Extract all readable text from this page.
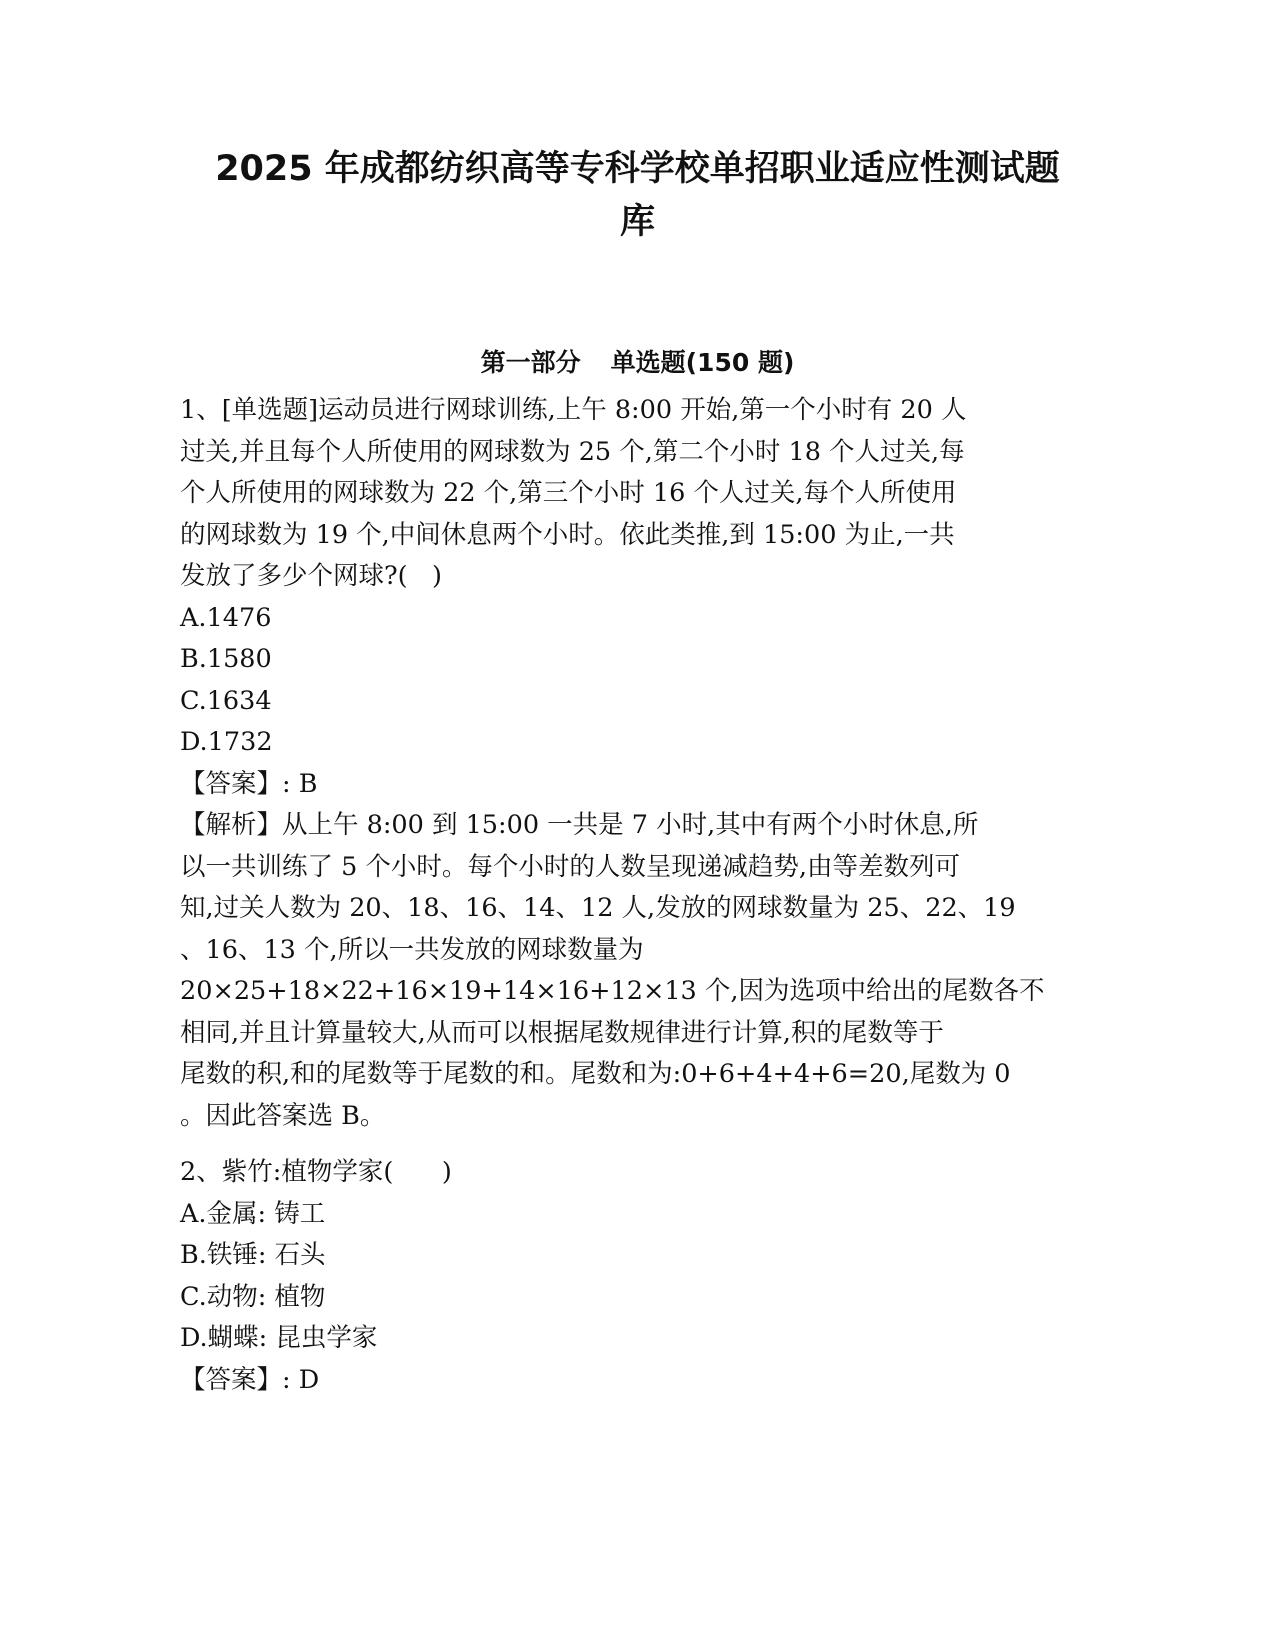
2025 年成都纺织高等专科学校单招职业适应性测试题
库
第一部分 单选题(150 题)

1、[单选题]运动员进行网球训练,上午 8:00 开始,第一个小时有 20 人

过关,并且每个人所使用的网球数为 25 个,第二个小时 18 个人过关,每

个人所使用的网球数为 22 个,第三个小时 16 个人过关,每个人所使用

的网球数为 19 个,中间休息两个小时。依此类推,到 15:00 为止,一共

发放了多少个网球?(   )

A.1476

B.1580

C.1634

D.1732

【答案】: B

【解析】从上午 8:00 到 15:00 一共是 7 小时,其中有两个小时休息,所

以一共训练了 5 个小时。每个小时的人数呈现递减趋势,由等差数列可

知,过关人数为 20、18、16、14、12 人,发放的网球数量为 25、22、19

、16、13 个,所以一共发放的网球数量为

20×25+18×22+16×19+14×16+12×13 个,因为选项中给出的尾数各不

相同,并且计算量较大,从而可以根据尾数规律进行计算,积的尾数等于

尾数的积,和的尾数等于尾数的和。尾数和为:0+6+4+4+6=20,尾数为 0

。因此答案选 B。

2、紫竹:植物学家(      )

A.金属: 铸工

B.铁锤: 石头

C.动物: 植物

D.蝴蝶: 昆虫学家

【答案】: D
